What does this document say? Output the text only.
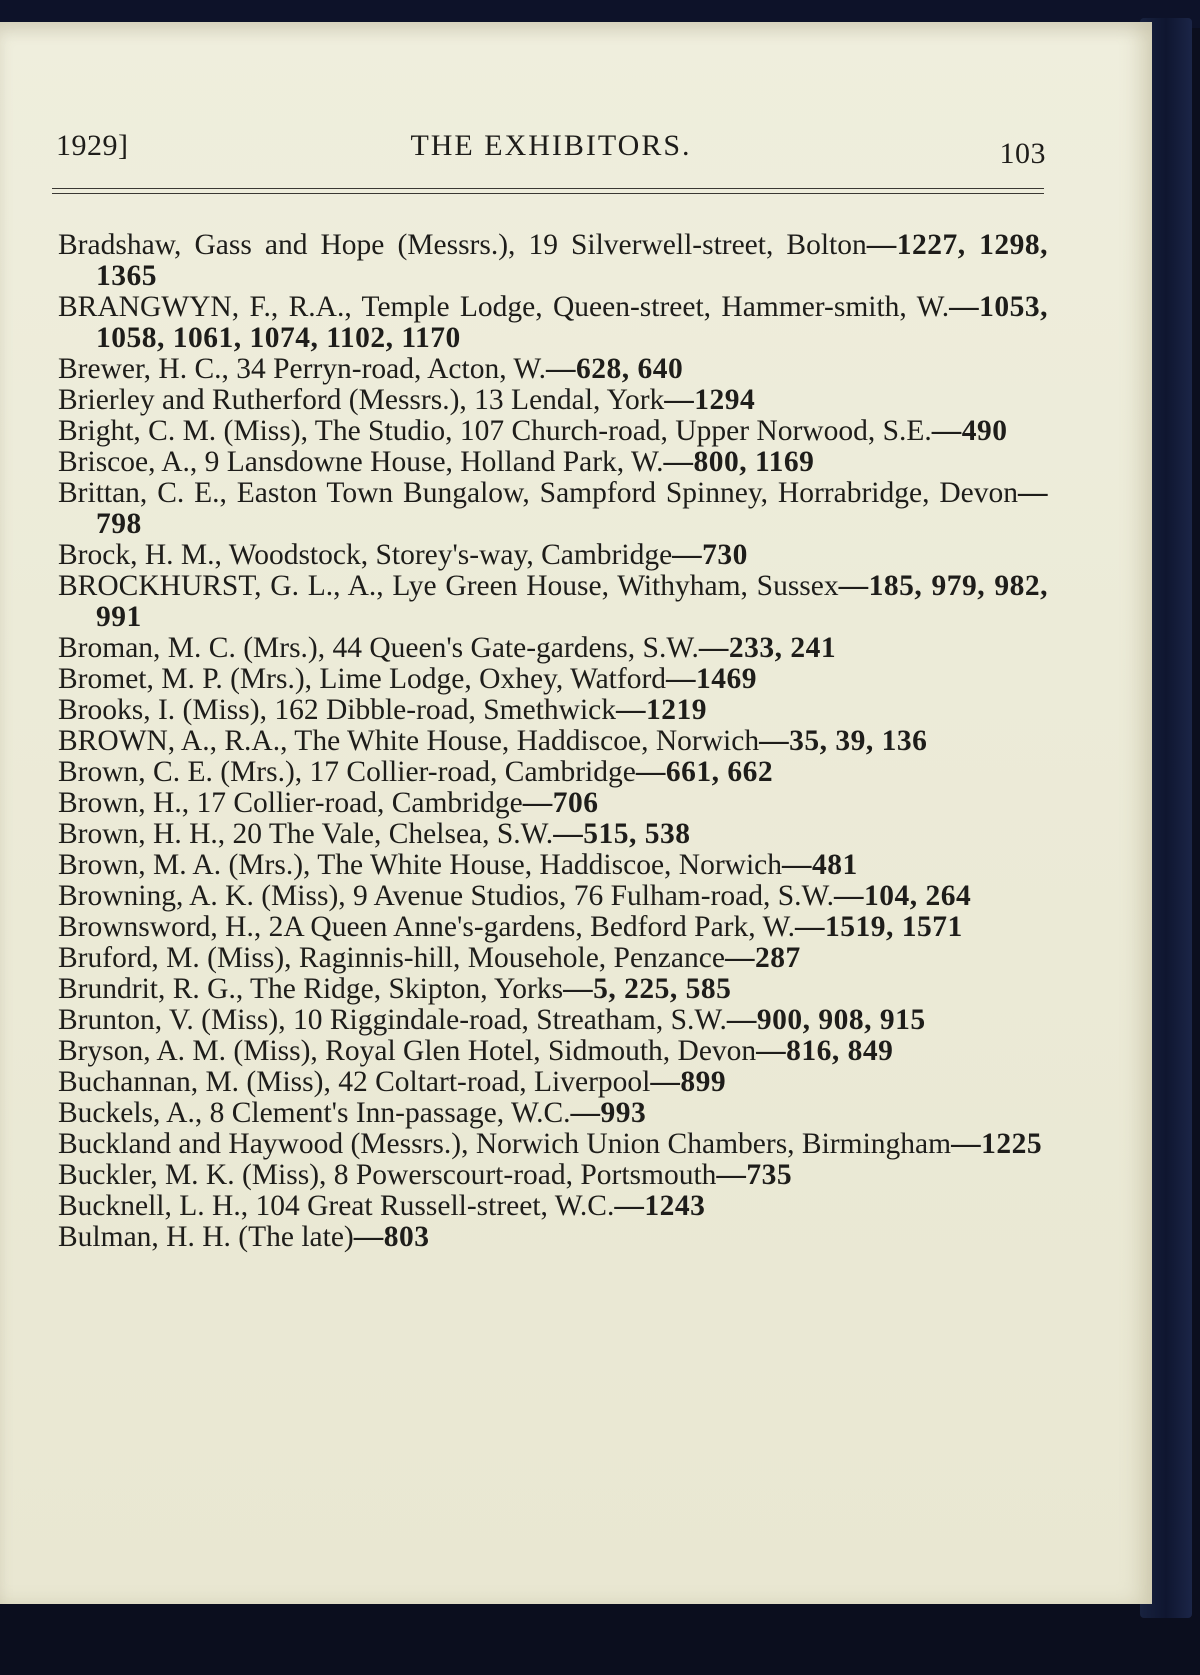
1929]	THE EXHIBITORS.	103
Bradshaw, Gass and Hope (Messrs.), 19 Silverwell-street, Bolton—1227, 1298, 1365
BRANGWYN, F., R.A., Temple Lodge, Queen-street, Hammer-smith, W.—1053, 1058, 1061, 1074, 1102, 1170
Brewer, H. C., 34 Perryn-road, Acton, W.—628, 640
Brierley and Rutherford (Messrs.), 13 Lendal, York—1294
Bright, C. M. (Miss), The Studio, 107 Church-road, Upper Norwood, S.E.—490
Briscoe, A., 9 Lansdowne House, Holland Park, W.—800, 1169
Brittan, C. E., Easton Town Bungalow, Sampford Spinney, Horrabridge, Devon—798
Brock, H. M., Woodstock, Storey's-way, Cambridge—730
BROCKHURST, G. L., A., Lye Green House, Withyham, Sussex—185, 979, 982, 991
Broman, M. C. (Mrs.), 44 Queen's Gate-gardens, S.W.—233, 241
Bromet, M. P. (Mrs.), Lime Lodge, Oxhey, Watford—1469
Brooks, I. (Miss), 162 Dibble-road, Smethwick—1219
BROWN, A., R.A., The White House, Haddiscoe, Norwich—35, 39, 136
Brown, C. E. (Mrs.), 17 Collier-road, Cambridge—661, 662
Brown, H., 17 Collier-road, Cambridge—706
Brown, H. H., 20 The Vale, Chelsea, S.W.—515, 538
Brown, M. A. (Mrs.), The White House, Haddiscoe, Norwich—481
Browning, A. K. (Miss), 9 Avenue Studios, 76 Fulham-road, S.W.—104, 264
Brownsword, H., 2A Queen Anne's-gardens, Bedford Park, W.—1519, 1571
Bruford, M. (Miss), Raginnis-hill, Mousehole, Penzance—287
Brundrit, R. G., The Ridge, Skipton, Yorks—5, 225, 585
Brunton, V. (Miss), 10 Riggindale-road, Streatham, S.W.—900, 908, 915
Bryson, A. M. (Miss), Royal Glen Hotel, Sidmouth, Devon—816, 849
Buchannan, M. (Miss), 42 Coltart-road, Liverpool—899
Buckels, A., 8 Clement's Inn-passage, W.C.—993
Buckland and Haywood (Messrs.), Norwich Union Chambers, Birmingham—1225
Buckler, M. K. (Miss), 8 Powerscourt-road, Portsmouth—735
Bucknell, L. H., 104 Great Russell-street, W.C.—1243
Bulman, H. H. (The late)—803
